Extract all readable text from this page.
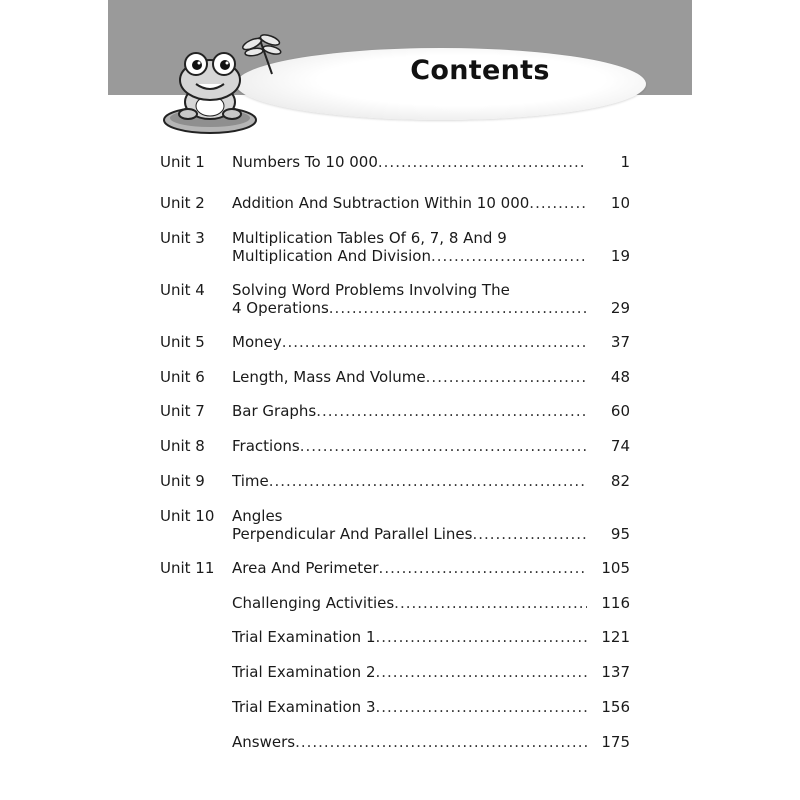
Contents
Unit 1	Numbers To 10 000 .....	1
Unit 2	Addition And Subtraction Within 10 000 .....	10
Unit 3	Multiplication Tables Of 6, 7, 8 And 9
Multiplication And Division .....	19
Unit 4	Solving Word Problems Involving The
4 Operations .....	29
Unit 5	Money .....	37
Unit 6	Length, Mass And Volume .....	48
Unit 7	Bar Graphs .....	60
Unit 8	Fractions .....	74
Unit 9	Time .....	82
Unit 10	Angles
Perpendicular And Parallel Lines .....	95
Unit 11	Area And Perimeter .....	105
Challenging Activities .....	116
Trial Examination 1 .....	121
Trial Examination 2 .....	137
Trial Examination 3 .....	156
Answers .....	175
